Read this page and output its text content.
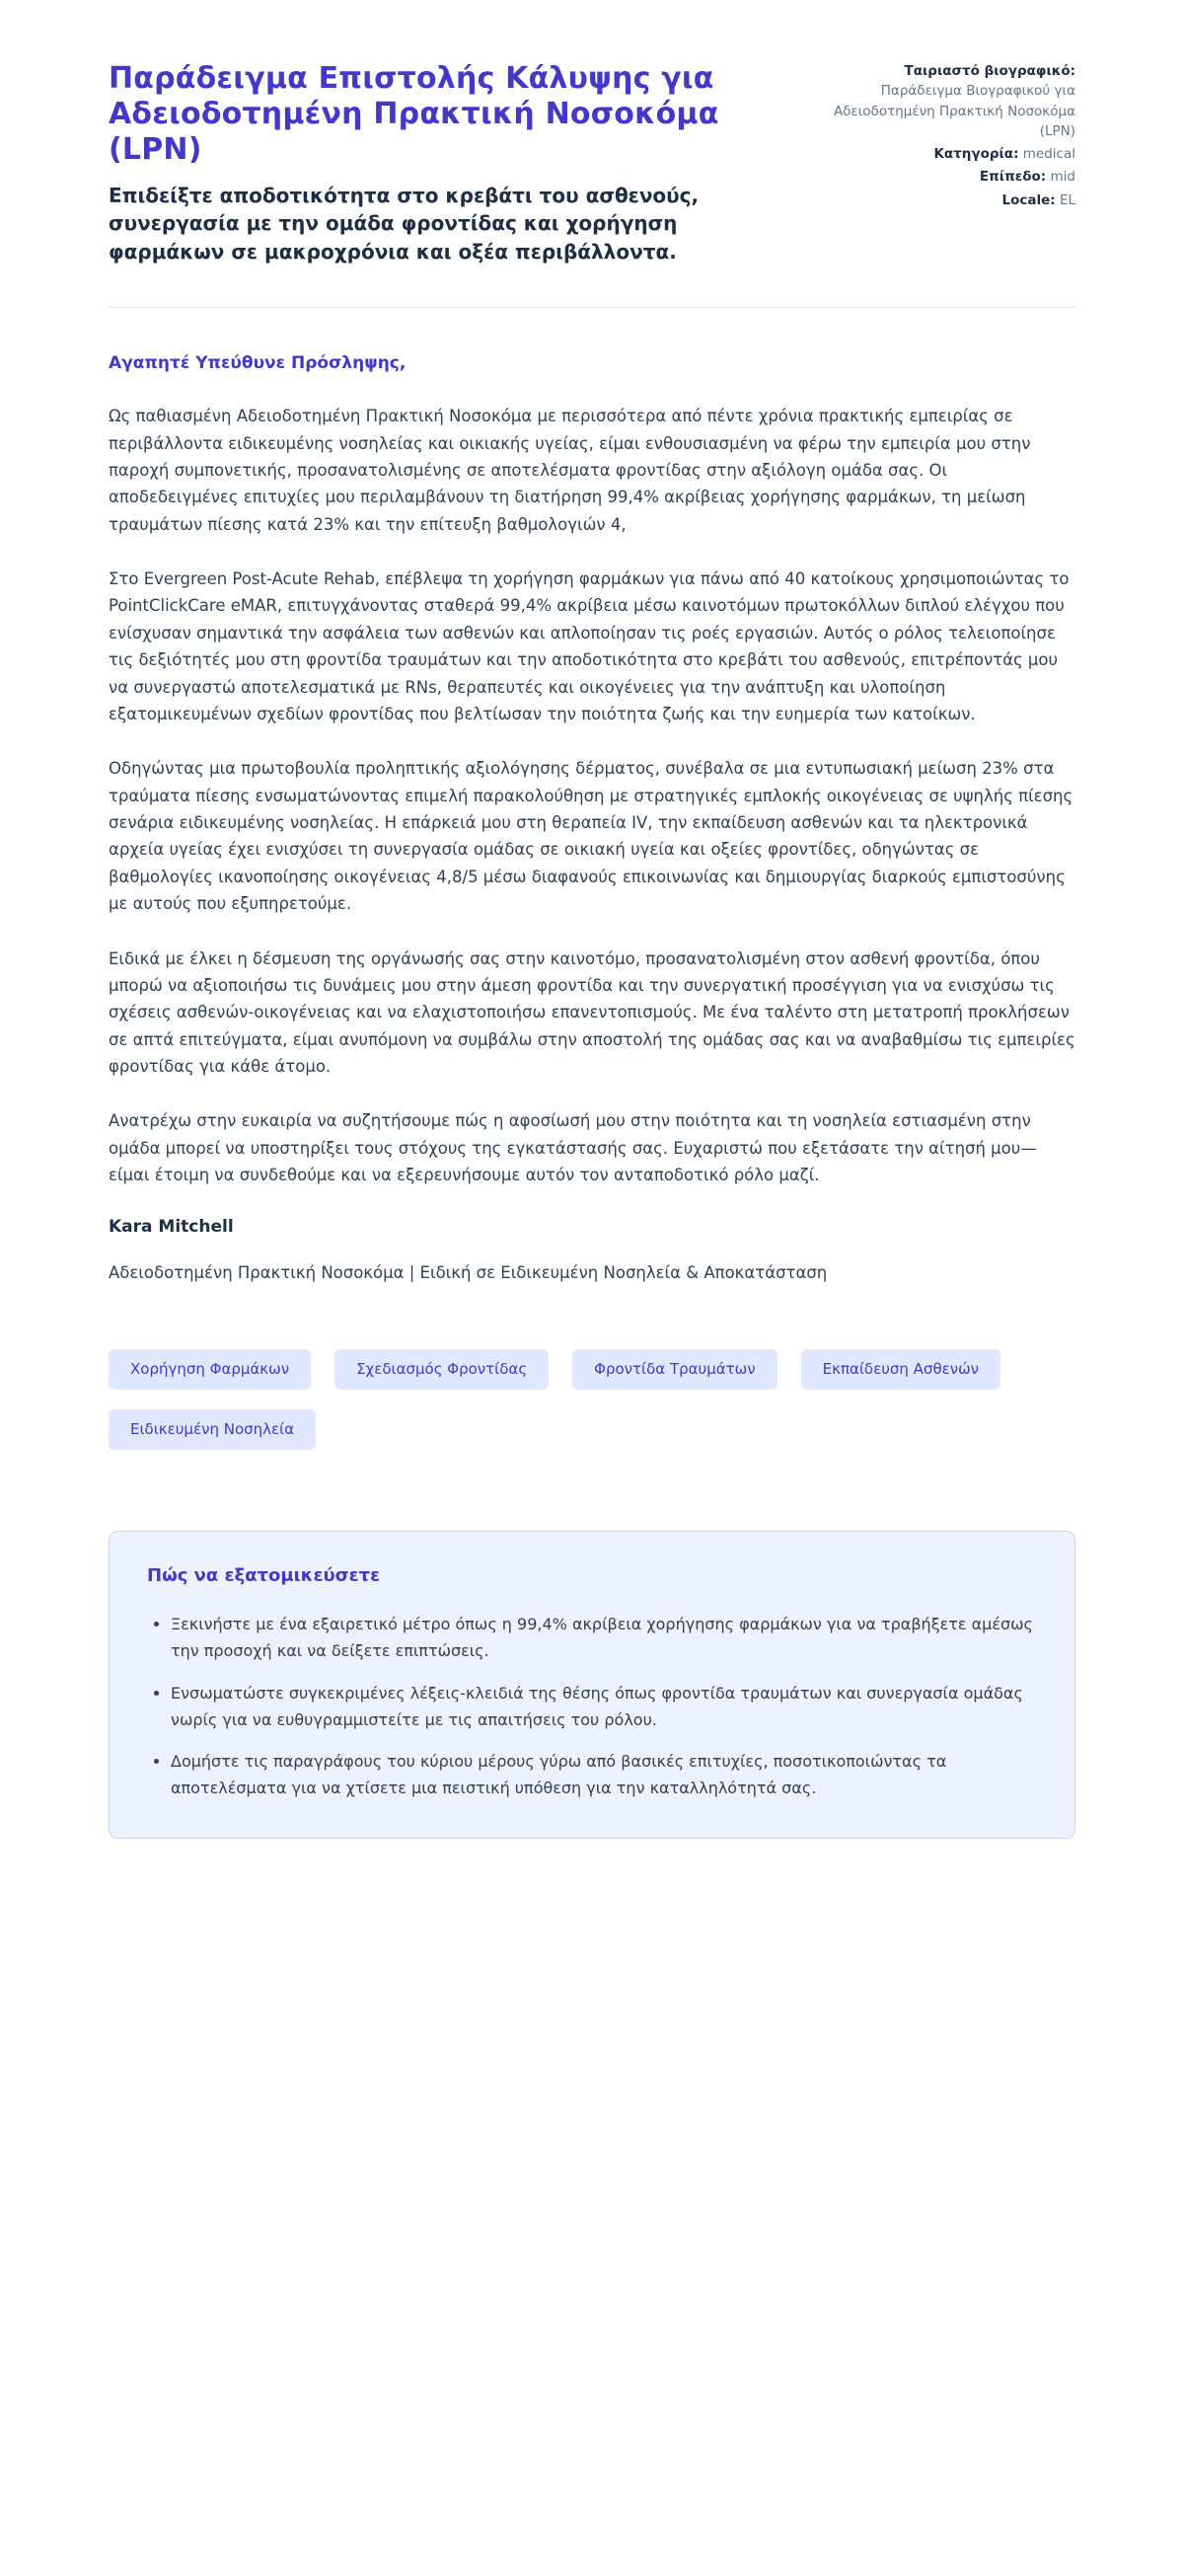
Παράδειγμα Επιστολής Κάλυψης για Αδειοδοτημένη Πρακτική Νοσοκόμα (LPN)

Επιδείξτε αποδοτικότητα στο κρεβάτι του ασθενούς, συνεργασία με την ομάδα φροντίδας και χορήγηση φαρμάκων σε μακροχρόνια και οξέα περιβάλλοντα.

Ταιριαστό βιογραφικό:
Παράδειγμα Βιογραφικού για Αδειοδοτημένη Πρακτική Νοσοκόμα (LPN)
Κατηγορία: medical
Επίπεδο: mid
Locale: EL

Αγαπητέ Υπεύθυνε Πρόσληψης,

Ως παθιασμένη Αδειοδοτημένη Πρακτική Νοσοκόμα με περισσότερα από πέντε χρόνια πρακτικής εμπειρίας σε περιβάλλοντα ειδικευμένης νοσηλείας και οικιακής υγείας, είμαι ενθουσιασμένη να φέρω την εμπειρία μου στην παροχή συμπονετικής, προσανατολισμένης σε αποτελέσματα φροντίδας στην αξιόλογη ομάδα σας. Οι αποδεδειγμένες επιτυχίες μου περιλαμβάνουν τη διατήρηση 99,4% ακρίβειας χορήγησης φαρμάκων, τη μείωση τραυμάτων πίεσης κατά 23% και την επίτευξη βαθμολογιών 4,

Στο Evergreen Post-Acute Rehab, επέβλεψα τη χορήγηση φαρμάκων για πάνω από 40 κατοίκους χρησιμοποιώντας το PointClickCare eMAR, επιτυγχάνοντας σταθερά 99,4% ακρίβεια μέσω καινοτόμων πρωτοκόλλων διπλού ελέγχου που ενίσχυσαν σημαντικά την ασφάλεια των ασθενών και απλοποίησαν τις ροές εργασιών. Αυτός ο ρόλος τελειοποίησε τις δεξιότητές μου στη φροντίδα τραυμάτων και την αποδοτικότητα στο κρεβάτι του ασθενούς, επιτρέποντάς μου να συνεργαστώ αποτελεσματικά με RNs, θεραπευτές και οικογένειες για την ανάπτυξη και υλοποίηση εξατομικευμένων σχεδίων φροντίδας που βελτίωσαν την ποιότητα ζωής και την ευημερία των κατοίκων.

Οδηγώντας μια πρωτοβουλία προληπτικής αξιολόγησης δέρματος, συνέβαλα σε μια εντυπωσιακή μείωση 23% στα τραύματα πίεσης ενσωματώνοντας επιμελή παρακολούθηση με στρατηγικές εμπλοκής οικογένειας σε υψηλής πίεσης σενάρια ειδικευμένης νοσηλείας. Η επάρκειά μου στη θεραπεία IV, την εκπαίδευση ασθενών και τα ηλεκτρονικά αρχεία υγείας έχει ενισχύσει τη συνεργασία ομάδας σε οικιακή υγεία και οξείες φροντίδες, οδηγώντας σε βαθμολογίες ικανοποίησης οικογένειας 4,8/5 μέσω διαφανούς επικοινωνίας και δημιουργίας διαρκούς εμπιστοσύνης με αυτούς που εξυπηρετούμε.

Ειδικά με έλκει η δέσμευση της οργάνωσής σας στην καινοτόμο, προσανατολισμένη στον ασθενή φροντίδα, όπου μπορώ να αξιοποιήσω τις δυνάμεις μου στην άμεση φροντίδα και την συνεργατική προσέγγιση για να ενισχύσω τις σχέσεις ασθενών-οικογένειας και να ελαχιστοποιήσω επανεντοπισμούς. Με ένα ταλέντο στη μετατροπή προκλήσεων σε απτά επιτεύγματα, είμαι ανυπόμονη να συμβάλω στην αποστολή της ομάδας σας και να αναβαθμίσω τις εμπειρίες φροντίδας για κάθε άτομο.

Ανατρέχω στην ευκαιρία να συζητήσουμε πώς η αφοσίωσή μου στην ποιότητα και τη νοσηλεία εστιασμένη στην ομάδα μπορεί να υποστηρίξει τους στόχους της εγκατάστασής σας. Ευχαριστώ που εξετάσατε την αίτησή μου—είμαι έτοιμη να συνδεθούμε και να εξερευνήσουμε αυτόν τον ανταποδοτικό ρόλο μαζί.

Kara Mitchell

Αδειοδοτημένη Πρακτική Νοσοκόμα | Ειδική σε Ειδικευμένη Νοσηλεία & Αποκατάσταση

Χορήγηση Φαρμάκων	Σχεδιασμός Φροντίδας	Φροντίδα Τραυμάτων	Εκπαίδευση Ασθενών
Ειδικευμένη Νοσηλεία
Πώς να εξατομικεύσετε
• Ξεκινήστε με ένα εξαιρετικό μέτρο όπως η 99,4% ακρίβεια χορήγησης φαρμάκων για να τραβήξετε αμέσως την προσοχή και να δείξετε επιπτώσεις.
• Ενσωματώστε συγκεκριμένες λέξεις-κλειδιά της θέσης όπως φροντίδα τραυμάτων και συνεργασία ομάδας νωρίς για να ευθυγραμμιστείτε με τις απαιτήσεις του ρόλου.
• Δομήστε τις παραγράφους του κύριου μέρους γύρω από βασικές επιτυχίες, ποσοτικοποιώντας τα αποτελέσματα για να χτίσετε μια πειστική υπόθεση για την καταλληλότητά σας.
